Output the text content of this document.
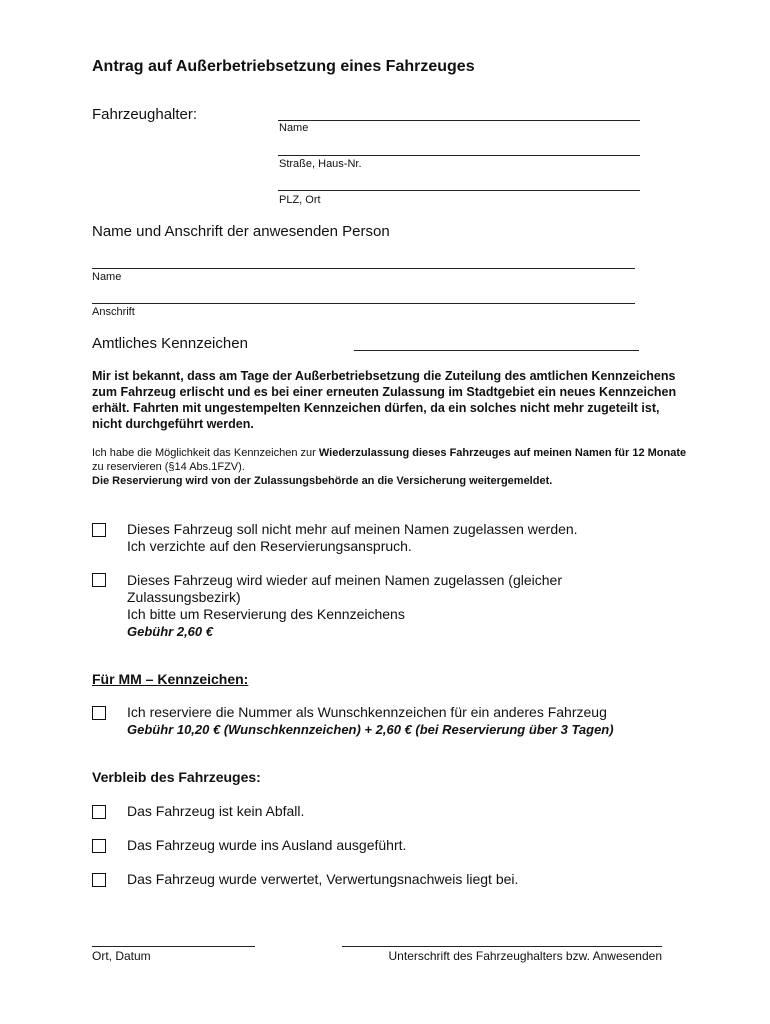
Antrag auf Außerbetriebsetzung eines Fahrzeuges
Fahrzeughalter:
Name
Straße, Haus-Nr.
PLZ, Ort
Name und Anschrift der anwesenden Person
Name
Anschrift
Amtliches Kennzeichen
Mir ist bekannt, dass am Tage der Außerbetriebsetzung die Zuteilung des amtlichen Kennzeichens zum Fahrzeug erlischt und es bei einer erneuten Zulassung im Stadtgebiet ein neues Kennzeichen erhält. Fahrten mit ungestempelten Kennzeichen dürfen, da ein solches nicht mehr zugeteilt ist, nicht durchgeführt werden.
Ich habe die Möglichkeit das Kennzeichen zur Wiederzulassung dieses Fahrzeuges auf meinen Namen für 12 Monate zu reservieren (§14 Abs.1FZV).
Die Reservierung wird von der Zulassungsbehörde an die Versicherung weitergemeldet.
Dieses Fahrzeug soll nicht mehr auf meinen Namen zugelassen werden.
Ich verzichte auf den Reservierungsanspruch.
Dieses Fahrzeug wird wieder auf meinen Namen zugelassen (gleicher
Zulassungsbezirk)
Ich bitte um Reservierung des Kennzeichens
Gebühr 2,60 €
Für MM – Kennzeichen:
Ich reserviere die Nummer als Wunschkennzeichen für ein anderes Fahrzeug
Gebühr 10,20 € (Wunschkennzeichen) + 2,60 € (bei Reservierung über 3 Tagen)
Verbleib des Fahrzeuges:
Das Fahrzeug ist kein Abfall.
Das Fahrzeug wurde ins Ausland ausgeführt.
Das Fahrzeug wurde verwertet, Verwertungsnachweis liegt bei.
Ort, Datum	Unterschrift des Fahrzeughalters bzw. Anwesenden
